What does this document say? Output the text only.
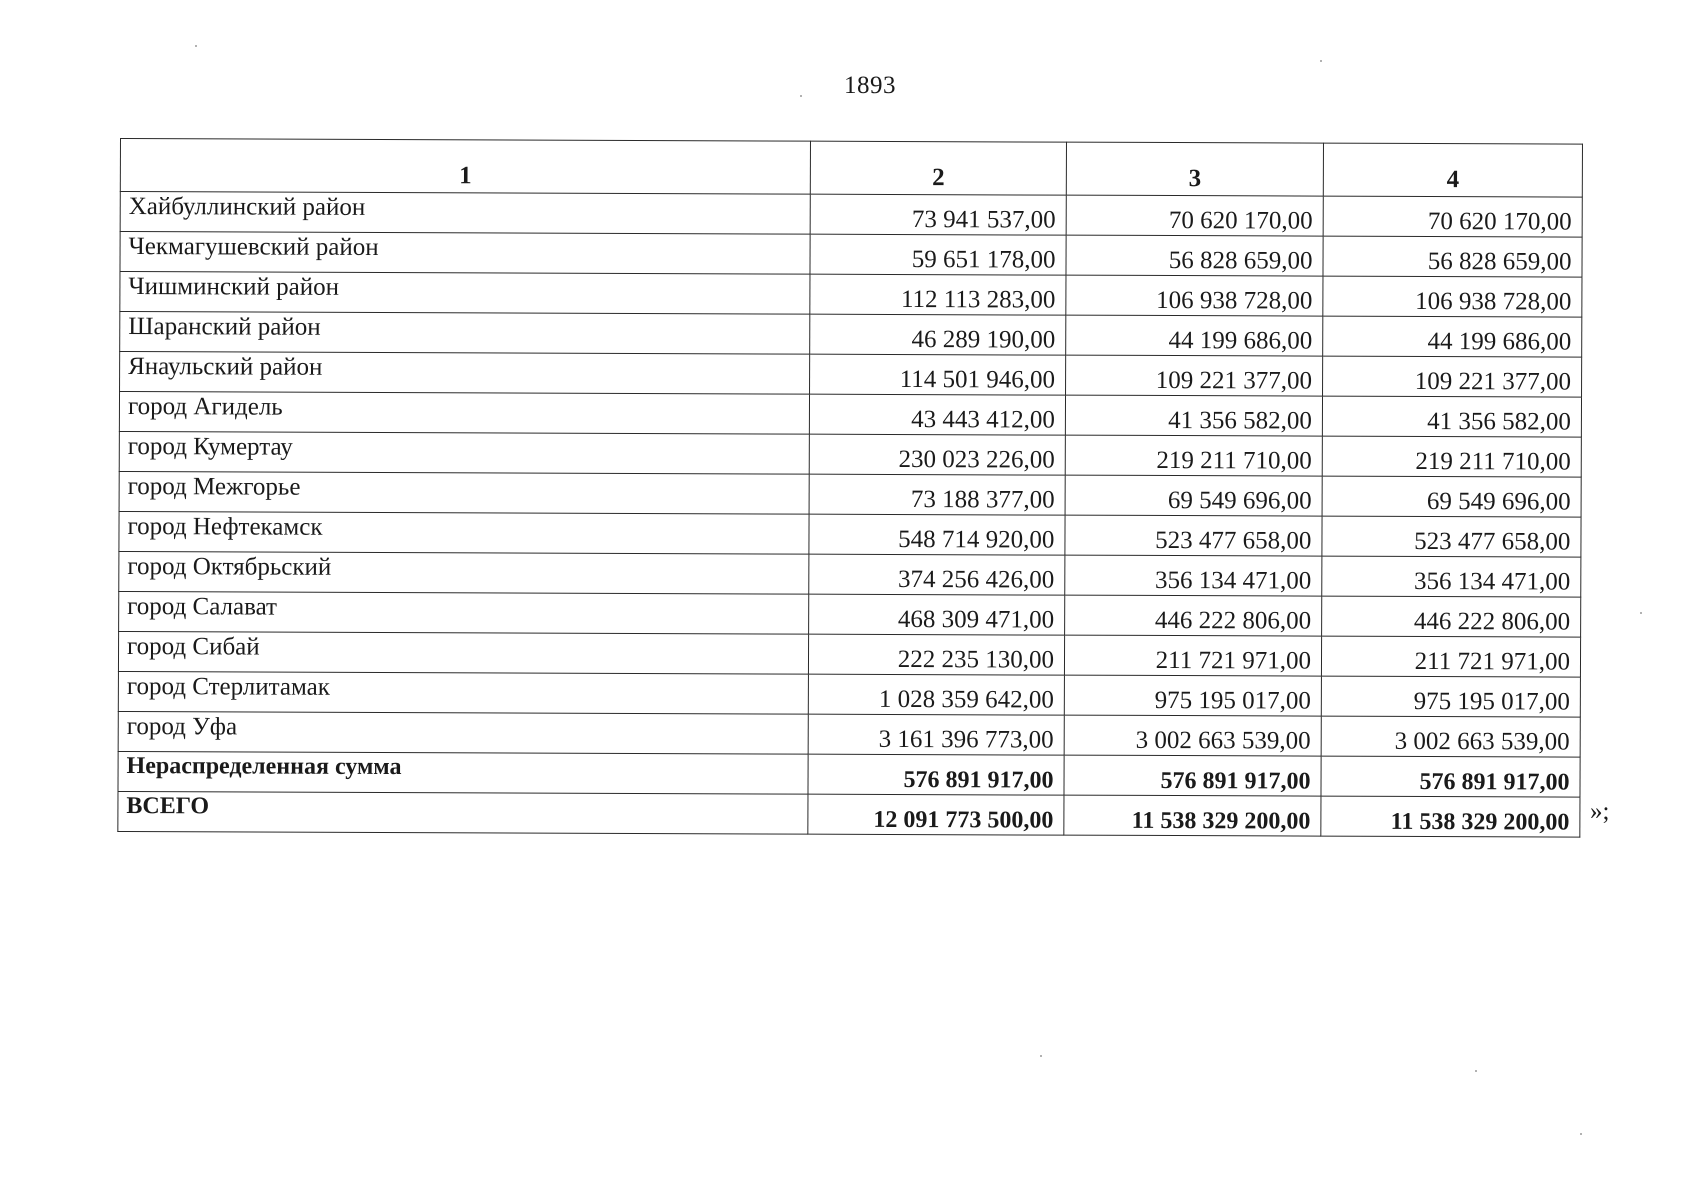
1893
1	2	3	4
Хайбуллинский район	73 941 537,00	70 620 170,00	70 620 170,00
Чекмагушевский район	59 651 178,00	56 828 659,00	56 828 659,00
Чишминский район	112 113 283,00	106 938 728,00	106 938 728,00
Шаранский район	46 289 190,00	44 199 686,00	44 199 686,00
Янаульский район	114 501 946,00	109 221 377,00	109 221 377,00
город Агидель	43 443 412,00	41 356 582,00	41 356 582,00
город Кумертау	230 023 226,00	219 211 710,00	219 211 710,00
город Межгорье	73 188 377,00	69 549 696,00	69 549 696,00
город Нефтекамск	548 714 920,00	523 477 658,00	523 477 658,00
город Октябрьский	374 256 426,00	356 134 471,00	356 134 471,00
город Салават	468 309 471,00	446 222 806,00	446 222 806,00
город Сибай	222 235 130,00	211 721 971,00	211 721 971,00
город Стерлитамак	1 028 359 642,00	975 195 017,00	975 195 017,00
город Уфа	3 161 396 773,00	3 002 663 539,00	3 002 663 539,00
Нераспределенная сумма	576 891 917,00	576 891 917,00	576 891 917,00
ВСЕГО	12 091 773 500,00	11 538 329 200,00	11 538 329 200,00 »;
